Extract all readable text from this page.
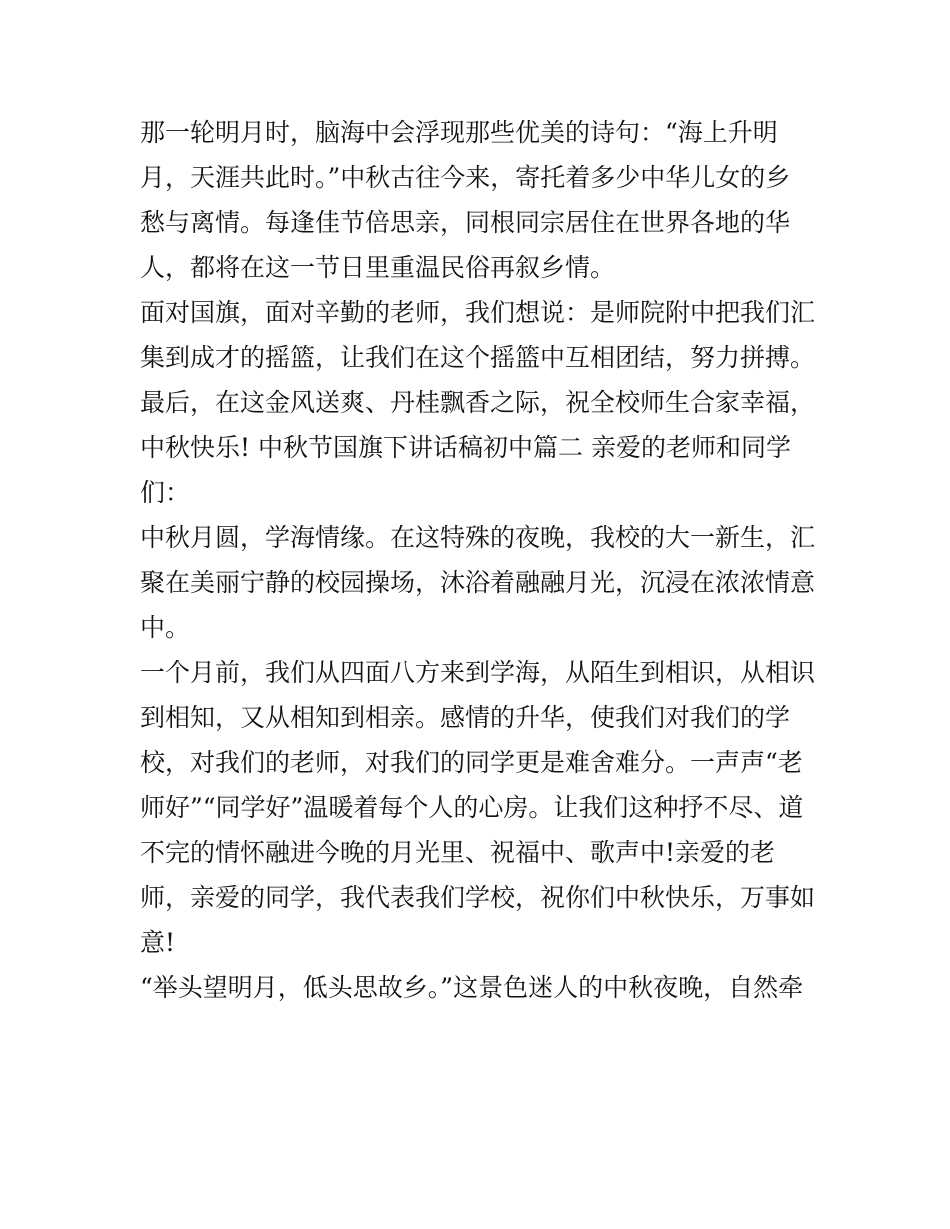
那一轮明月时，脑海中会浮现那些优美的诗句：“海上升明
月，天涯共此时。”中秋古往今来，寄托着多少中华儿女的乡
愁与离情。每逢佳节倍思亲，同根同宗居住在世界各地的华
人，都将在这一节日里重温民俗再叙乡情。
面对国旗，面对辛勤的老师，我们想说：是师院附中把我们汇
集到成才的摇篮，让我们在这个摇篮中互相团结，努力拼搏。
最后，在这金风送爽、丹桂飘香之际，祝全校师生合家幸福，
中秋快乐! 中秋节国旗下讲话稿初中篇二 亲爱的老师和同学
们：
中秋月圆，学海情缘。在这特殊的夜晚，我校的大一新生，汇
聚在美丽宁静的校园操场，沐浴着融融月光，沉浸在浓浓情意
中。
一个月前，我们从四面八方来到学海，从陌生到相识，从相识
到相知，又从相知到相亲。感情的升华，使我们对我们的学
校，对我们的老师，对我们的同学更是难舍难分。一声声“老
师好”“同学好”温暖着每个人的心房。让我们这种抒不尽、道
不完的情怀融进今晚的月光里、祝福中、歌声中!亲爱的老
师，亲爱的同学，我代表我们学校，祝你们中秋快乐，万事如
意!
“举头望明月，低头思故乡。”这景色迷人的中秋夜晚，自然牵
